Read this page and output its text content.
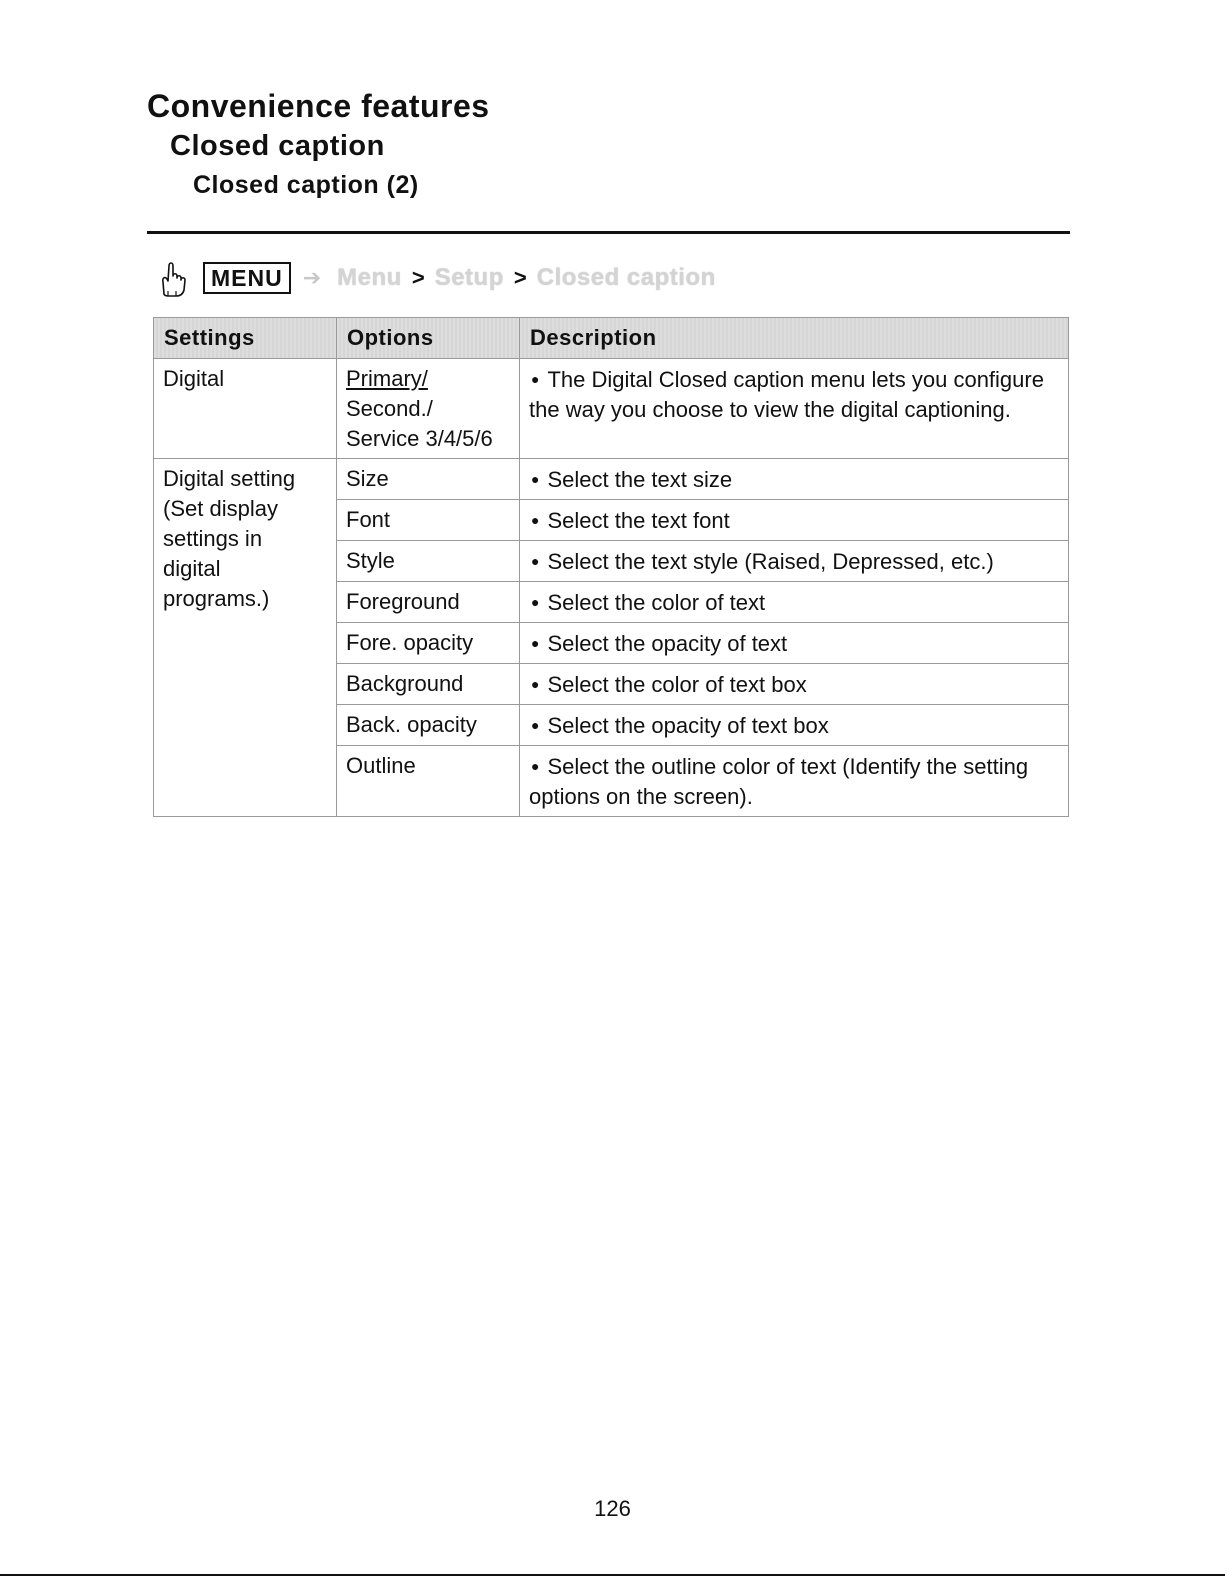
Convenience features
Closed caption
Closed caption (2)
MENU ➔ Menu > Setup > Closed caption
Settings	Options	Description
Digital	Primary/
Second./
Service 3/4/5/6	● The Digital Closed caption menu lets you configure the way you choose to view the digital captioning.

Digital setting
(Set display
settings in
digital
programs.)	Size	● Select the text size
	Font	● Select the text font
	Style	● Select the text style (Raised, Depressed, etc.)
	Foreground	● Select the color of text
	Fore. opacity	● Select the opacity of text
	Background	● Select the color of text box
	Back. opacity	● Select the opacity of text box
	Outline	● Select the outline color of text (Identify the setting options on the screen).
126
